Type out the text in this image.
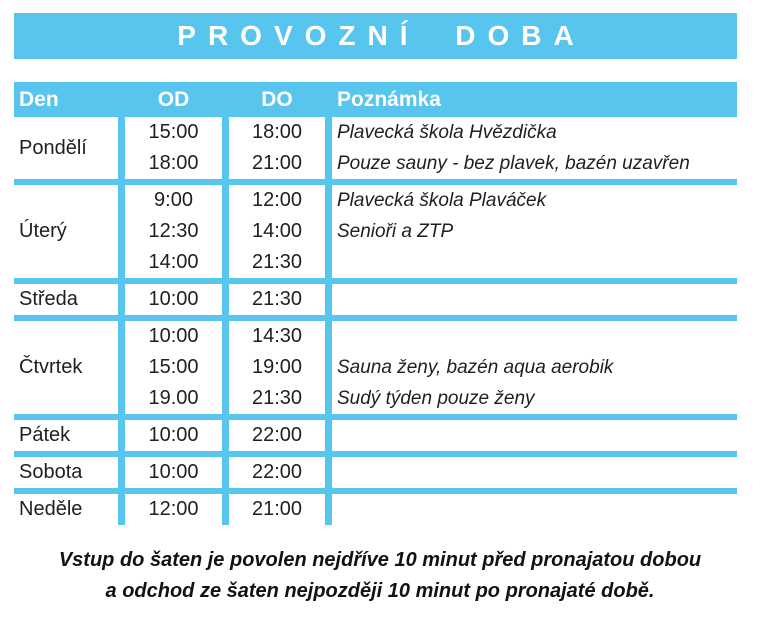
PROVOZNÍ DOBA
Den	OD	DO	Poznámka
Pondělí
15:00	18:00	Plavecká škola Hvězdička
18:00	21:00	Pouze sauny - bez plavek, bazén uzavřen
Úterý
9:00	12:00	Plavecká škola Plaváček
12:30	14:00	Senioři a ZTP
14:00	21:30
Středa	10:00	21:30
Čtvrtek
10:00	14:30
15:00	19:00	Sauna ženy, bazén aqua aerobik
19.00	21:30	Sudý týden pouze ženy
Pátek	10:00	22:00
Sobota	10:00	22:00
Neděle	12:00	21:00
Vstup do šaten je povolen nejdříve 10 minut před pronajatou dobou
a odchod ze šaten nejpozději 10 minut po pronajaté době.
